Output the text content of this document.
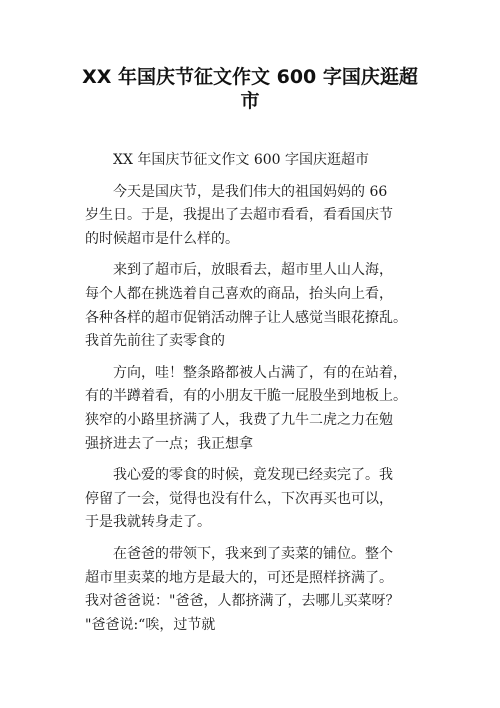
XX 年国庆节征文作文 600 字国庆逛超
市
XX 年国庆节征文作文 600 字国庆逛超市
今天是国庆节，是我们伟大的祖国妈妈的 66
岁生日。于是，我提出了去超市看看，看看国庆节
的时候超市是什么样的。
来到了超市后，放眼看去，超市里人山人海，
每个人都在挑选着自己喜欢的商品，抬头向上看，
各种各样的超市促销活动牌子让人感觉当眼花撩乱。
我首先前往了卖零食的
方向，哇！整条路都被人占满了，有的在站着，
有的半蹲着看，有的小朋友干脆一屁股坐到地板上。
狭窄的小路里挤满了人，我费了九牛二虎之力在勉
强挤进去了一点；我正想拿
我心爱的零食的时候，竟发现已经卖完了。我
停留了一会，觉得也没有什么，下次再买也可以，
于是我就转身走了。
在爸爸的带领下，我来到了卖菜的铺位。整个
超市里卖菜的地方是最大的，可还是照样挤满了。
我对爸爸说："爸爸，人都挤满了，去哪儿买菜呀？
"爸爸说:“唉，过节就
